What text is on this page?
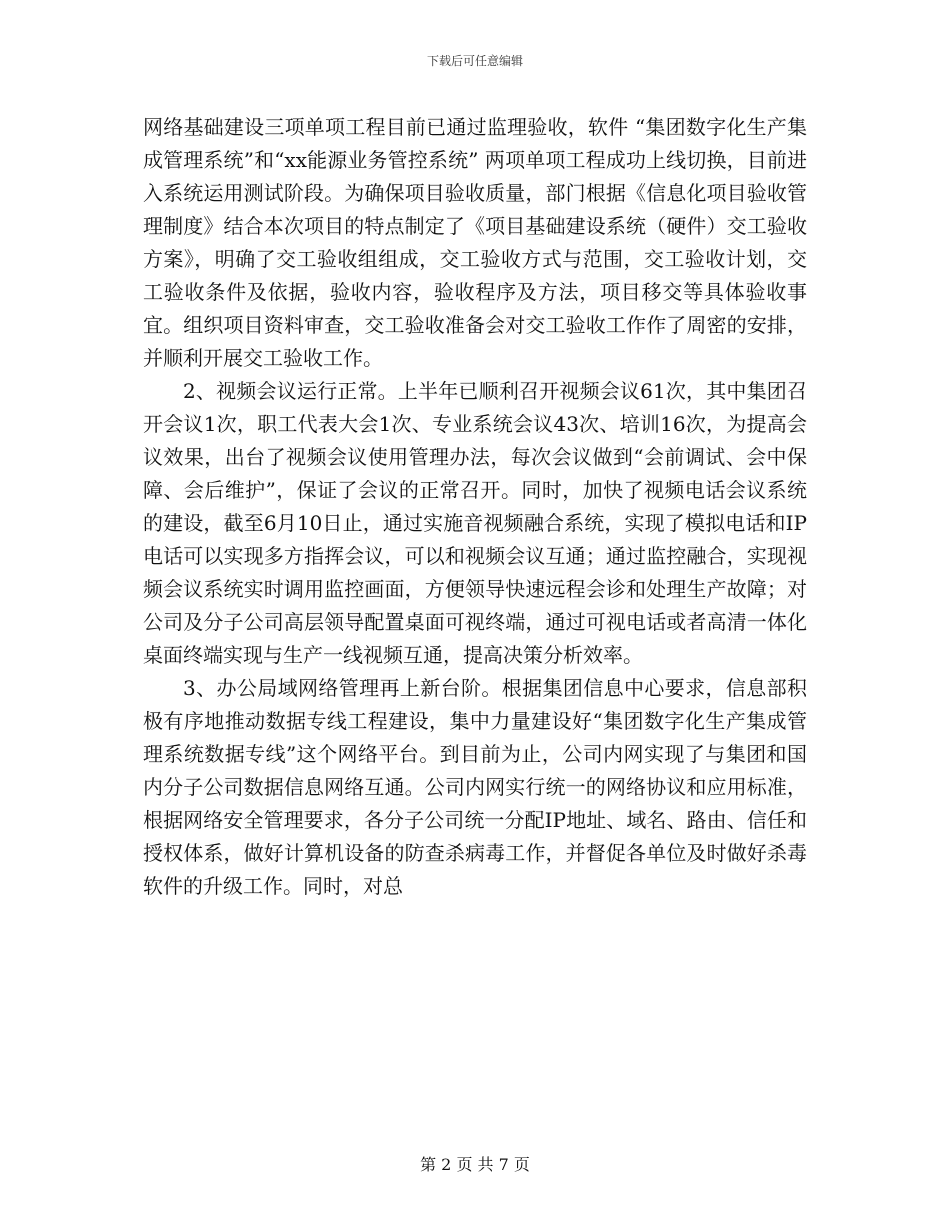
下载后可任意编辑

网络基础建设三项单项工程目前已通过监理验收，软件 “集团数字化生产集成管理系统”和“xx能源业务管控系统” 两项单项工程成功上线切换，目前进入系统运用测试阶段。为确保项目验收质量，部门根据《信息化项目验收管理制度》结合本次项目的特点制定了《项目基础建设系统（硬件）交工验收方案》，明确了交工验收组组成，交工验收方式与范围，交工验收计划，交工验收条件及依据，验收内容，验收程序及方法，项目移交等具体验收事宜。组织项目资料审查，交工验收准备会对交工验收工作作了周密的安排，并顺利开展交工验收工作。

2、视频会议运行正常。上半年已顺利召开视频会议61次，其中集团召开会议1次，职工代表大会1次、专业系统会议43次、培训16次，为提高会议效果，出台了视频会议使用管理办法，每次会议做到“会前调试、会中保障、会后维护”，保证了会议的正常召开。同时，加快了视频电话会议系统的建设，截至6月10日止，通过实施音视频融合系统，实现了模拟电话和IP电话可以实现多方指挥会议，可以和视频会议互通；通过监控融合，实现视频会议系统实时调用监控画面，方便领导快速远程会诊和处理生产故障；对公司及分子公司高层领导配置桌面可视终端，通过可视电话或者高清一体化桌面终端实现与生产一线视频互通，提高决策分析效率。

3、办公局域网络管理再上新台阶。根据集团信息中心要求，信息部积极有序地推动数据专线工程建设，集中力量建设好“集团数字化生产集成管理系统数据专线”这个网络平台。到目前为止，公司内网实现了与集团和国内分子公司数据信息网络互通。公司内网实行统一的网络协议和应用标准，根据网络安全管理要求，各分子公司统一分配IP地址、域名、路由、信任和授权体系，做好计算机设备的防查杀病毒工作，并督促各单位及时做好杀毒软件的升级工作。同时，对总

第 2 页 共 7 页
